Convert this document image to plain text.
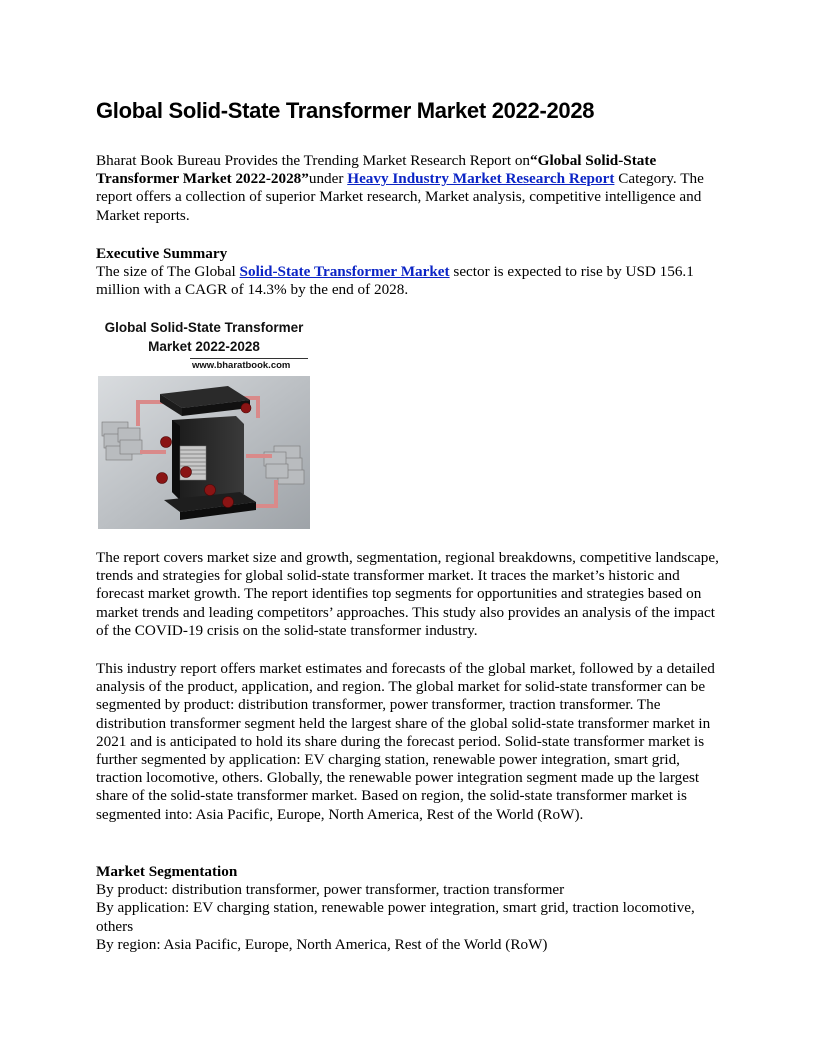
Global Solid-State Transformer Market 2022-2028

Bharat Book Bureau Provides the Trending Market Research Report on“Global Solid-State Transformer Market 2022-2028”under Heavy Industry Market Research Report Category. The report offers a collection of superior Market research, Market analysis, competitive intelligence and Market reports.

Executive Summary
The size of The Global Solid-State Transformer Market sector is expected to rise by USD 156.1 million with a CAGR of 14.3% by the end of 2028.

Global Solid-State Transformer Market 2022-2028
www.bharatbook.com

The report covers market size and growth, segmentation, regional breakdowns, competitive landscape, trends and strategies for global solid-state transformer market. It traces the market’s historic and forecast market growth. The report identifies top segments for opportunities and strategies based on market trends and leading competitors’ approaches. This study also provides an analysis of the impact of the COVID-19 crisis on the solid-state transformer industry.

This industry report offers market estimates and forecasts of the global market, followed by a detailed analysis of the product, application, and region. The global market for solid-state transformer can be segmented by product: distribution transformer, power transformer, traction transformer. The distribution transformer segment held the largest share of the global solid-state transformer market in 2021 and is anticipated to hold its share during the forecast period. Solid-state transformer market is further segmented by application: EV charging station, renewable power integration, smart grid, traction locomotive, others. Globally, the renewable power integration segment made up the largest share of the solid-state transformer market. Based on region, the solid-state transformer market is segmented into: Asia Pacific, Europe, North America, Rest of the World (RoW).

Market Segmentation
By product: distribution transformer, power transformer, traction transformer
By application: EV charging station, renewable power integration, smart grid, traction locomotive, others
By region: Asia Pacific, Europe, North America, Rest of the World (RoW)
